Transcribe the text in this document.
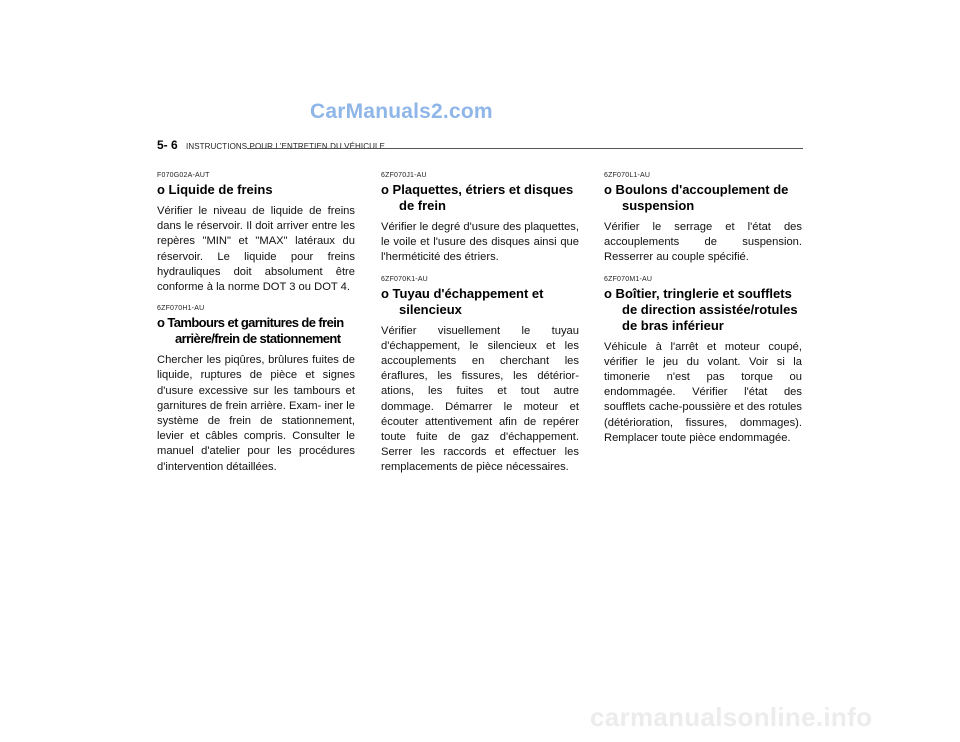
CarManuals2.com
5- 6 INSTRUCTIONS POUR L'ENTRETIEN DU VÉHICULE
F070G02A-AUT
o Liquide de freins

Vérifier le niveau de liquide de freins dans le réservoir. Il doit arriver entre les repères "MIN" et "MAX" latéraux du réservoir. Le liquide pour freins hydrauliques doit absolument être conforme à la norme DOT 3 ou DOT 4.

6ZF070H1-AU
o Tambours et garnitures de frein arrière/frein de stationnement

Chercher les piqûres, brûlures fuites de liquide, ruptures de pièce et signes d'usure excessive sur les tambours et garnitures de frein arrière. Exam- iner le système de frein de stationnement, levier et câbles compris. Consulter le manuel d'atelier pour les procédures d'intervention détaillées.

6ZF070J1-AU
o Plaquettes, étriers et disques de frein

Vérifier le degré d'usure des plaquettes, le voile et l'usure des disques ainsi que l'herméticité des étriers.

6ZF070K1-AU
o Tuyau d'échappement et silencieux

Vérifier visuellement le tuyau d'échappement, le silencieux et les accouplements en cherchant les éraflures, les fissures, les détérior- ations, les fuites et tout autre dommage. Démarrer le moteur et écouter attentivement afin de repérer toute fuite de gaz d'échappement. Serrer les raccords et effectuer les remplacements de pièce nécessaires.

6ZF070L1-AU
o Boulons d'accouplement de suspension

Vérifier le serrage et l'état des accouplements de suspension. Resserrer au couple spécifié.

6ZF070M1-AU
o Boîtier, tringlerie et soufflets de direction assistée/rotules de bras inférieur

Véhicule à l'arrêt et moteur coupé, vérifier le jeu du volant. Voir si la timonerie n'est pas torque ou endommagée. Vérifier l'état des soufflets cache-poussière et des rotules (détérioration, fissures, dommages). Remplacer toute pièce endommagée.

carmanualsonline.info
